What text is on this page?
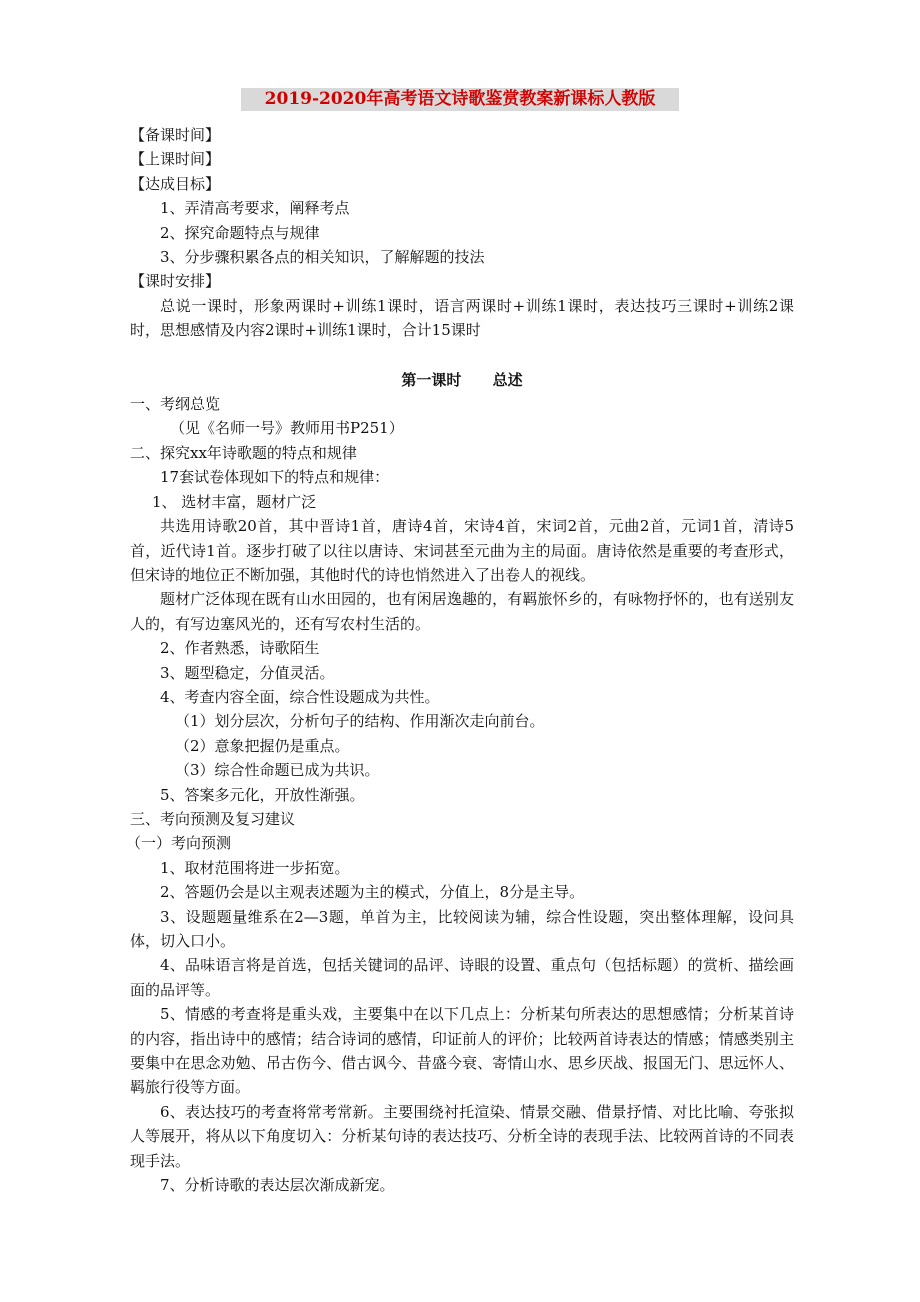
2019-2020年高考语文诗歌鉴赏教案新课标人教版
【备课时间】
【上课时间】
【达成目标】
1、弄清高考要求，阐释考点
2、探究命题特点与规律
3、分步骤积累各点的相关知识，了解解题的技法
【课时安排】
总说一课时，形象两课时+训练1课时，语言两课时+训练1课时，表达技巧三课时+训练2课时，思想感情及内容2课时+训练1课时，合计15课时
第一课时      总述
一、考纲总览
（见《名师一号》教师用书P251）
二、探究xx年诗歌题的特点和规律
17套试卷体现如下的特点和规律：
1、 选材丰富，题材广泛
共选用诗歌20首，其中晋诗1首，唐诗4首，宋诗4首，宋词2首，元曲2首，元词1首，清诗5首，近代诗1首。逐步打破了以往以唐诗、宋词甚至元曲为主的局面。唐诗依然是重要的考查形式，但宋诗的地位正不断加强，其他时代的诗也悄然进入了出卷人的视线。
题材广泛体现在既有山水田园的，也有闲居逸趣的，有羁旅怀乡的，有咏物抒怀的，也有送别友人的，有写边塞风光的，还有写农村生活的。
2、作者熟悉，诗歌陌生
3、题型稳定，分值灵活。
4、考查内容全面，综合性设题成为共性。
（1）划分层次，分析句子的结构、作用渐次走向前台。
（2）意象把握仍是重点。
（3）综合性命题已成为共识。
5、答案多元化，开放性渐强。
三、考向预测及复习建议
（一）考向预测
1、取材范围将进一步拓宽。
2、答题仍会是以主观表述题为主的模式，分值上，8分是主导。
3、设题题量维系在2—3题，单首为主，比较阅读为辅，综合性设题，突出整体理解，设问具体，切入口小。
4、品味语言将是首选，包括关键词的品评、诗眼的设置、重点句（包括标题）的赏析、描绘画面的品评等。
5、情感的考查将是重头戏，主要集中在以下几点上：分析某句所表达的思想感情；分析某首诗的内容，指出诗中的感情；结合诗词的感情，印证前人的评价；比较两首诗表达的情感；情感类别主要集中在思念劝勉、吊古伤今、借古讽今、昔盛今衰、寄情山水、思乡厌战、报国无门、思远怀人、羁旅行役等方面。
6、表达技巧的考查将常考常新。主要围绕衬托渲染、情景交融、借景抒情、对比比喻、夸张拟人等展开，将从以下角度切入：分析某句诗的表达技巧、分析全诗的表现手法、比较两首诗的不同表现手法。
7、分析诗歌的表达层次渐成新宠。
